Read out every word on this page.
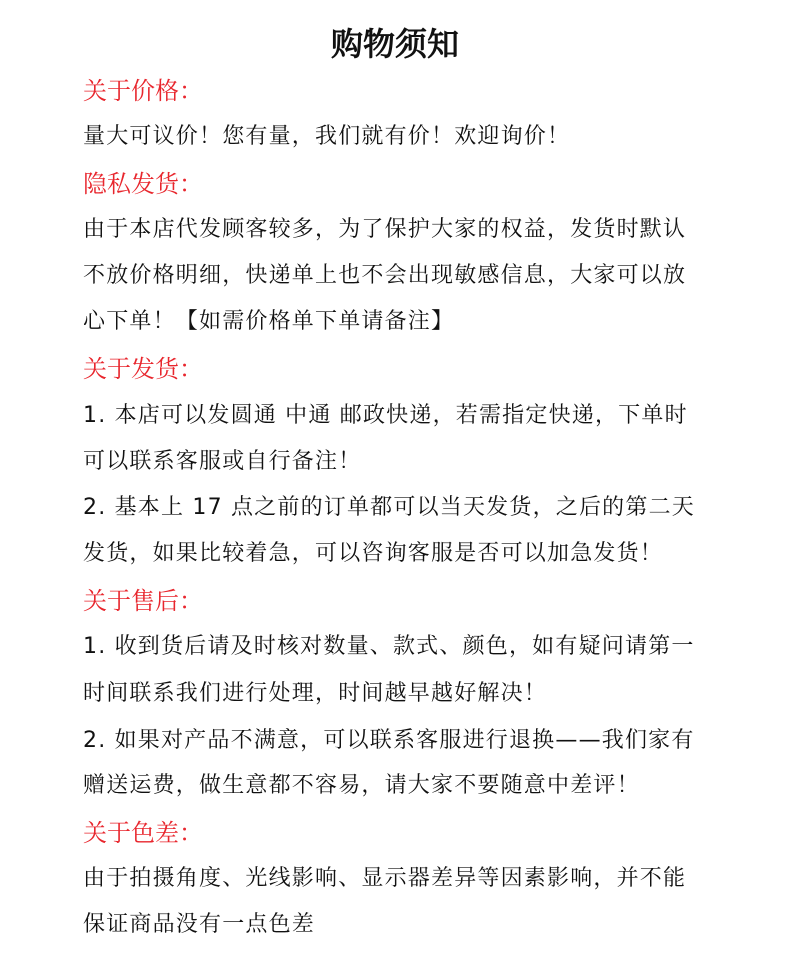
购物须知
关于价格：
量大可议价！您有量，我们就有价！欢迎询价！
隐私发货：
由于本店代发顾客较多，为了保护大家的权益，发货时默认
不放价格明细，快递单上也不会出现敏感信息，大家可以放
心下单！【如需价格单下单请备注】
关于发货：
1. 本店可以发圆通 中通 邮政快递，若需指定快递，下单时
可以联系客服或自行备注！
2. 基本上 17 点之前的订单都可以当天发货，之后的第二天
发货，如果比较着急，可以咨询客服是否可以加急发货！
关于售后：
1. 收到货后请及时核对数量、款式、颜色，如有疑问请第一
时间联系我们进行处理，时间越早越好解决！
2. 如果对产品不满意，可以联系客服进行退换——我们家有
赠送运费，做生意都不容易，请大家不要随意中差评！
关于色差：
由于拍摄角度、光线影响、显示器差异等因素影响，并不能
保证商品没有一点色差
